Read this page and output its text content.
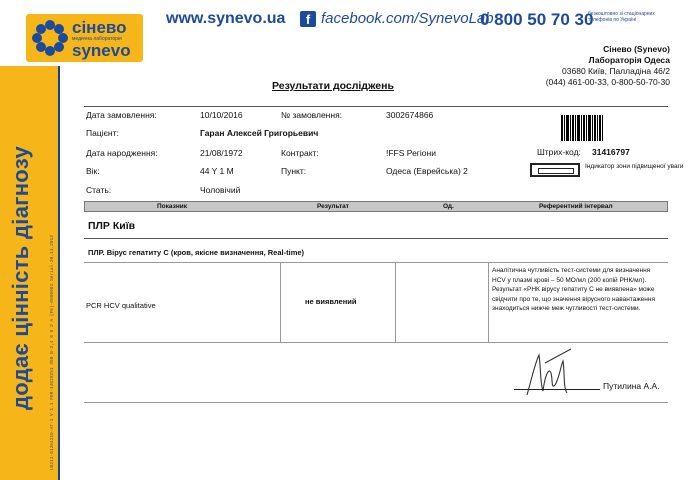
додає цінність діагнозу	U0211-01204210-AT-1 V 1.1 FOR-14028251 200 B-3,4 0 0 2 A (Fm)-0000001 Serial-20.11.2012
сінево
медична лабораторія
synevo
www.synevo.ua	f facebook.com/SynevoLab
0 800 50 70 30
безкоштовно зі стаціонарних телефонів по Україні
Сінево (Synevo)
Лабораторія Одеса
03680 Київ, Палладіна 46/2
(044) 461-00-33, 0-800-50-70-30
Результати досліджень
Дата замовлення:	10/10/2016	№ замовлення:	3002674866
Пацієнт:	Гаран Алексей Григорьевич
Дата народження:	21/08/1972	Контракт:	!FFS Регіони
Вік:	44 Y 1 M	Пункт:	Одеса (Еврейська) 2
Стать:	Чоловічий
Штрих-код: 31416797
Індикатор зони підвищеної уваги
Показник	Результат	Од.	Референтний інтервал
ПЛР Київ
ПЛР. Вірус гепатиту С (кров, якісне визначення, Real-time)
PCR HCV qualitative	не виявлений
Аналітична чутливість тест-системи для визначення HCV у плазмі крові – 50 МО/мл (200 копій РНК/мл). Результат «РНК вірусу гепатиту С не виявлена» може свідчити про те, що значення вірусного навантаження знаходиться нижче меж чутливості тест-системи.
Путилина А.А.
